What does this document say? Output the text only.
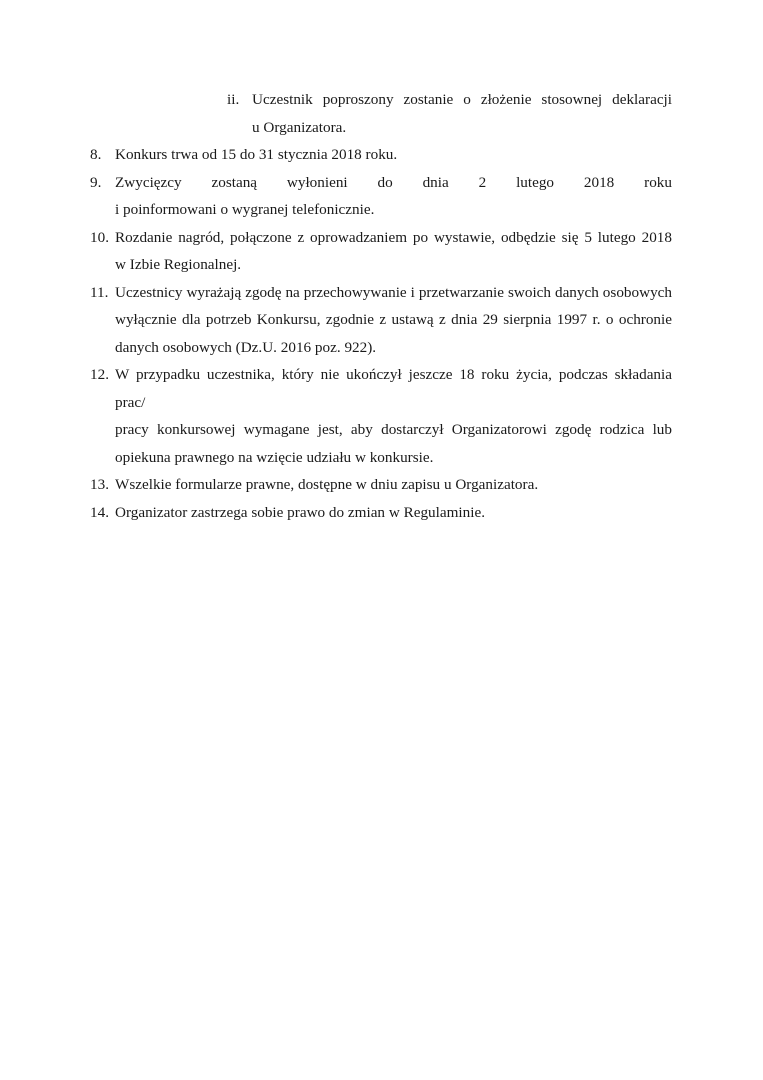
ii. Uczestnik poproszony zostanie o złożenie stosownej deklaracji
u Organizatora.
8. Konkurs trwa od 15 do 31 stycznia 2018 roku.
9. Zwycięzcy zostaną wyłonieni do dnia 2 lutego 2018 roku
i poinformowani o wygranej telefonicznie.
10. Rozdanie nagród, połączone z oprowadzaniem po wystawie, odbędzie się 5 lutego 2018
w Izbie Regionalnej.
11. Uczestnicy wyrażają zgodę na przechowywanie i przetwarzanie swoich danych osobowych
wyłącznie dla potrzeb Konkursu, zgodnie z ustawą z dnia 29 sierpnia 1997 r. o ochronie
danych osobowych (Dz.U. 2016 poz. 922).
12. W przypadku uczestnika, który nie ukończył jeszcze 18 roku życia, podczas składania prac/
pracy konkursowej wymagane jest, aby dostarczył Organizatorowi zgodę rodzica lub
opiekuna prawnego na wzięcie udziału w konkursie.
13. Wszelkie formularze prawne, dostępne w dniu zapisu u Organizatora.
14. Organizator zastrzega sobie prawo do zmian w Regulaminie.
